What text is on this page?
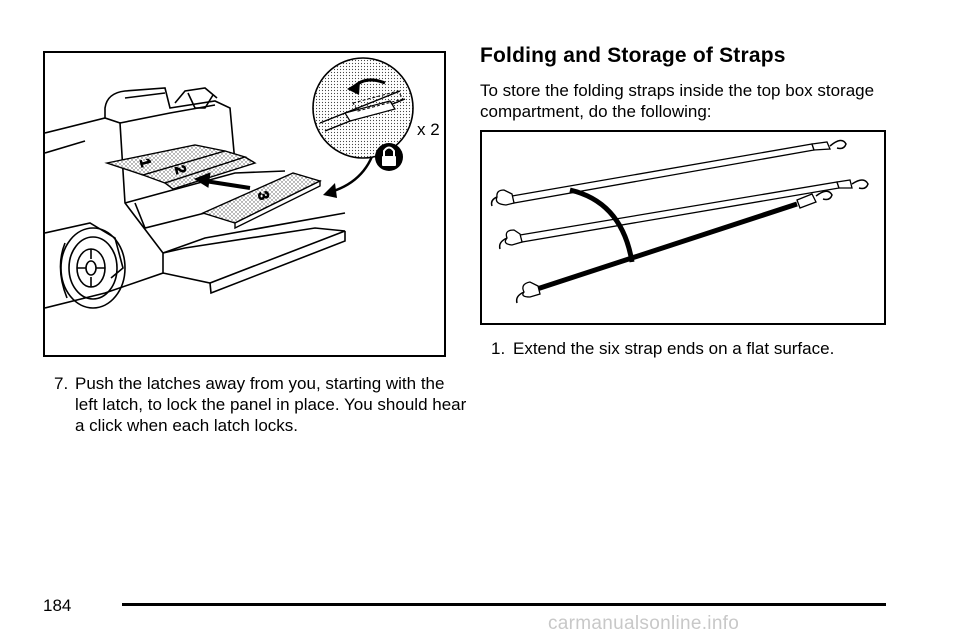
1
2
3
x 2
7. Push the latches away from you, starting with the left latch, to lock the panel in place. You should hear a click when each latch locks.
Folding and Storage of Straps
To store the folding straps inside the top box storage compartment, do the following:
1. Extend the six strap ends on a flat surface.
184
carmanualsonline.info
